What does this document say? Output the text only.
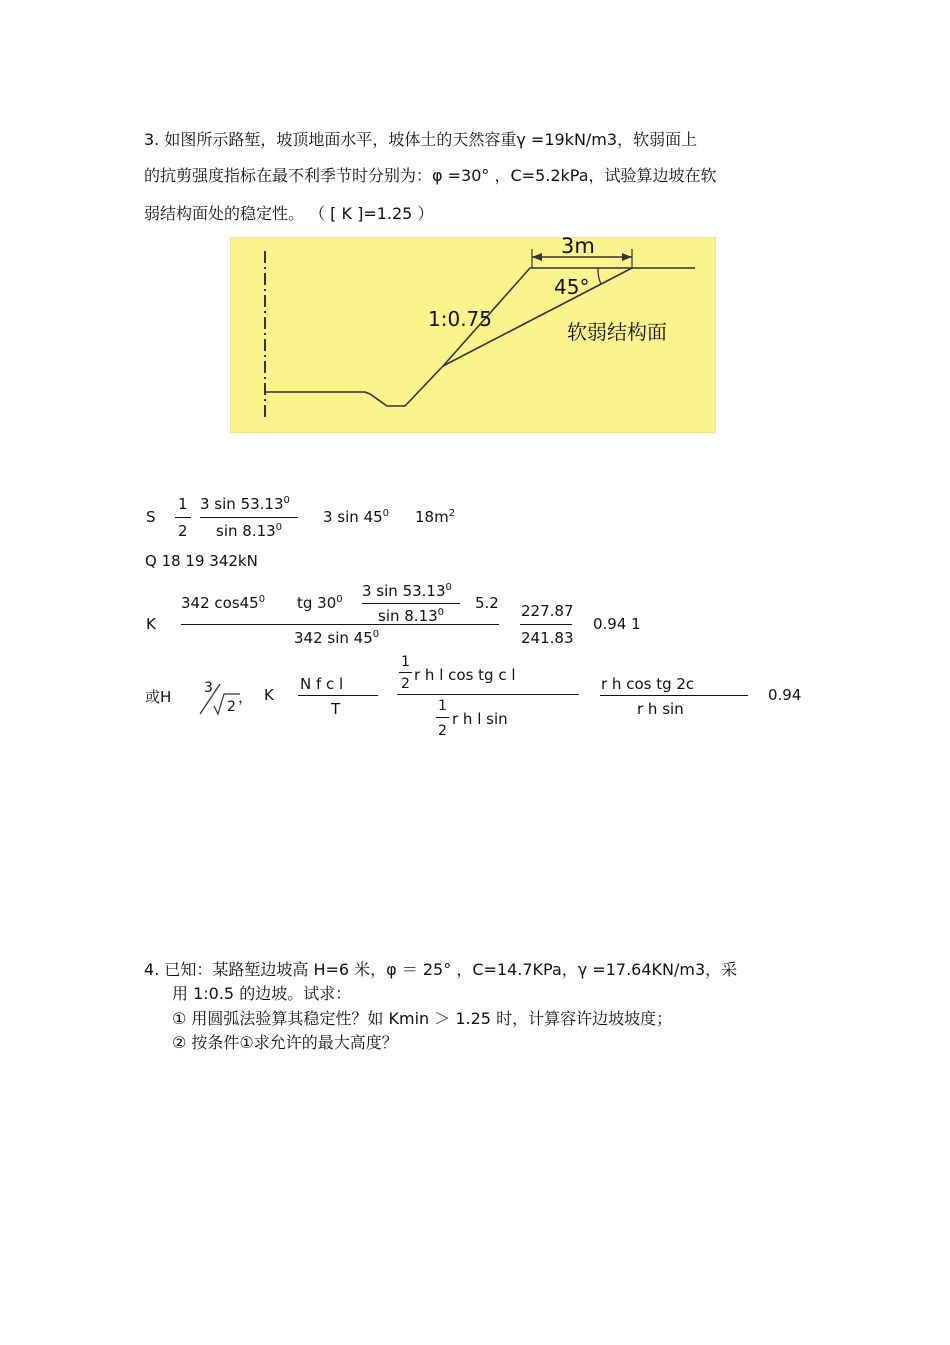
3. 如图所示路堑，坡顶地面水平，坡体土的天然容重γ =19kN/m3，软弱面上
的抗剪强度指标在最不利季节时分别为：φ =30° ，C=5.2kPa，试验算边坡在软
弱结构面处的稳定性。 （ [ K ]=1.25 ）
3m
45°
1:0.75
软弱结构面
S
1
2
3 sin 53.13$^0$
sin 8.13$^0$
3 $\sin 45^0$ $18m^2$
Q 18 19 342kN
K
342 $\cos 45^0$ tg $30^0$ 3 sin 53.13$^0$
sin 8.13$^0$
5.2
342 $\sin 45^0$
227.87
241.83
0.94 1
或H 3
2
， K
N f c l
T
1
2 r h l cos tg c l
1
2
r h l sin
r h cos tg 2c
r h sin
0.94
4. 已知：某路堑边坡高 H=6 米，φ ＝ 25° ，C=14.7KPa，γ =17.64KN/m3，采
用 1:0.5 的边坡。试求：
① 用圆弧法验算其稳定性？如 Kmin ＞ 1.25 时，计算容许边坡坡度；
② 按条件①求允许的最大高度？
